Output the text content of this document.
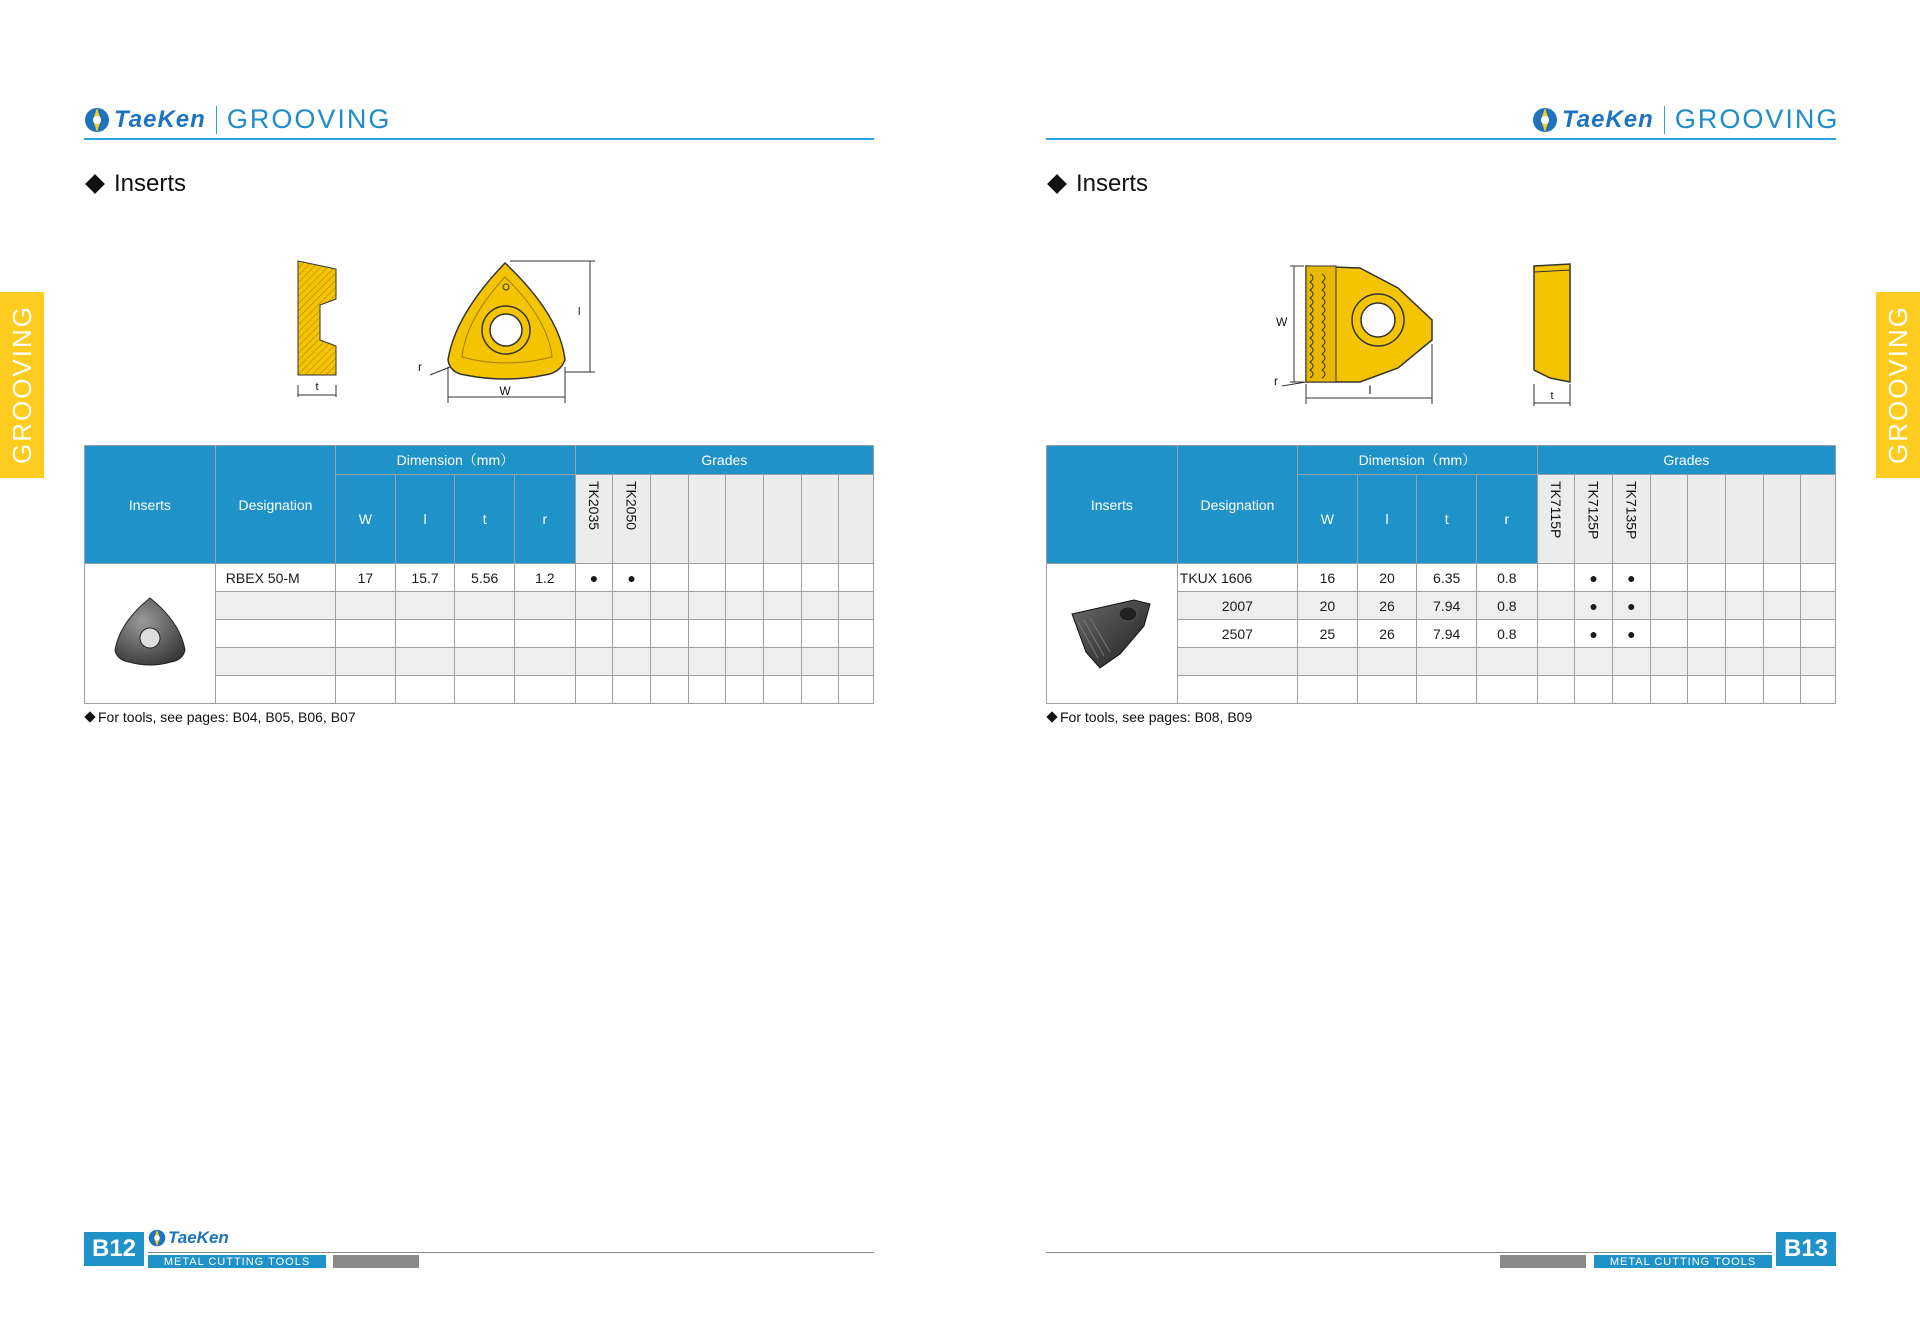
TaeKen GROOVING
Inserts
GROOVING	t
l
W
r
Inserts	Designation	Dimension（mm）				Grades							
		W	l	t	r	TK2035	TK2050						
	RBEX 50-M	17	15.7	5.56	1.2	●	●						

For tools, see pages: B04, B05, B06, B07
B12	TaeKen
METAL CUTTING TOOLS
TaeKen GROOVING
Inserts
GROOVING
W
l
r
t
Inserts	Designation	Dimension（mm）				Grades							
		W	l	t	r	TK7115P	TK7125P	TK7135P					
	TKUX 1606	16	20	6.35	0.8		●	●					
	2007	20	26	7.94	0.8		●	●					
	2507	25	26	7.94	0.8		●	●					

For tools, see pages: B08, B09
METAL CUTTING TOOLS	B13
